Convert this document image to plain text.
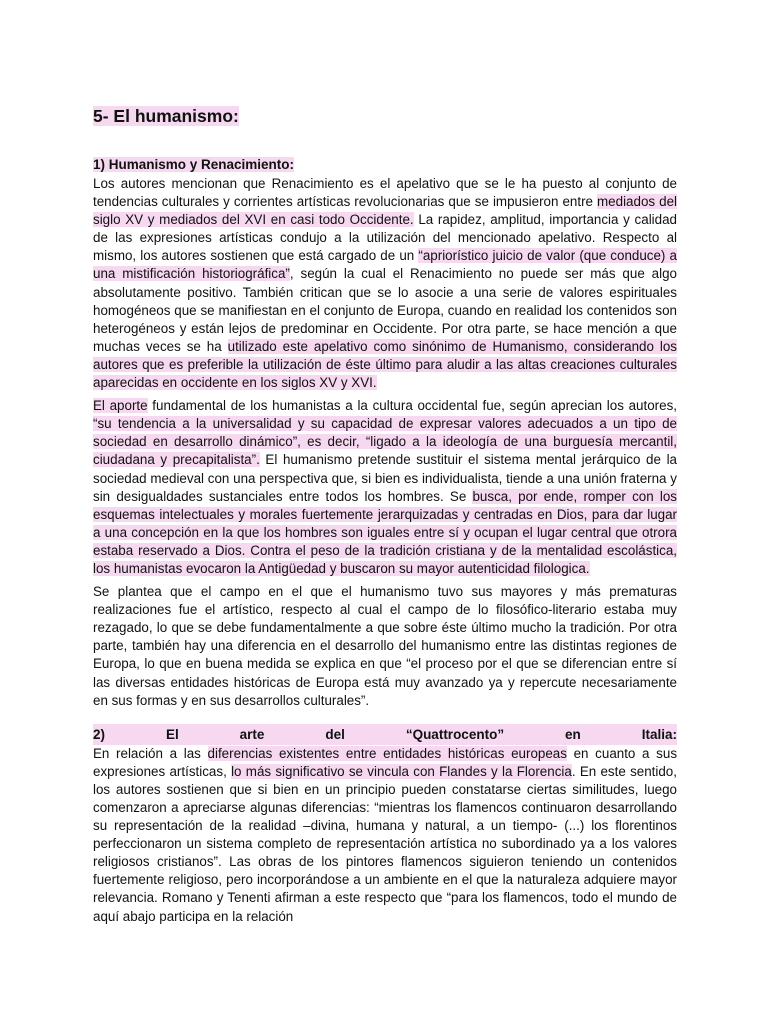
5- El humanismo:
1) Humanismo y Renacimiento:

Los autores mencionan que Renacimiento es el apelativo que se le ha puesto al conjunto de tendencias culturales y corrientes artísticas revolucionarias que se impusieron entre mediados del siglo XV y mediados del XVI en casi todo Occidente. La rapidez, amplitud, importancia y calidad de las expresiones artísticas condujo a la utilización del mencionado apelativo. Respecto al mismo, los autores sostienen que está cargado de un “apriorístico juicio de valor (que conduce) a una mistificación historiográfica”, según la cual el Renacimiento no puede ser más que algo absolutamente positivo. También critican que se lo asocie a una serie de valores espirituales homogéneos que se manifiestan en el conjunto de Europa, cuando en realidad los contenidos son heterogéneos y están lejos de predominar en Occidente. Por otra parte, se hace mención a que muchas veces se ha utilizado este apelativo como sinónimo de Humanismo, considerando los autores que es preferible la utilización de éste último para aludir a las altas creaciones culturales aparecidas en occidente en los siglos XV y XVI.

El aporte fundamental de los humanistas a la cultura occidental fue, según aprecian los autores, “su tendencia a la universalidad y su capacidad de expresar valores adecuados a un tipo de sociedad en desarrollo dinámico”, es decir, “ligado a la ideología de una burguesía mercantil, ciudadana y precapitalista”. El humanismo pretende sustituir el sistema mental jerárquico de la sociedad medieval con una perspectiva que, si bien es individualista, tiende a una unión fraterna y sin desigualdades sustanciales entre todos los hombres. Se busca, por ende, romper con los esquemas intelectuales y morales fuertemente jerarquizadas y centradas en Dios, para dar lugar a una concepción en la que los hombres son iguales entre sí y ocupan el lugar central que otrora estaba reservado a Dios. Contra el peso de la tradición cristiana y de la mentalidad escolástica, los humanistas evocaron la Antigüedad y buscaron su mayor autenticidad filologica.

Se plantea que el campo en el que el humanismo tuvo sus mayores y más prematuras realizaciones fue el artístico, respecto al cual el campo de lo filosófico-literario estaba muy rezagado, lo que se debe fundamentalmente a que sobre éste último mucho la tradición. Por otra parte, también hay una diferencia en el desarrollo del humanismo entre las distintas regiones de Europa, lo que en buena medida se explica en que “el proceso por el que se diferencian entre sí las diversas entidades históricas de Europa está muy avanzado ya y repercute necesariamente en sus formas y en sus desarrollos culturales”.

2)	El	arte	del	“Quattrocento”	en	Italia:

En relación a las diferencias existentes entre entidades históricas europeas en cuanto a sus expresiones artísticas, lo más significativo se vincula con Flandes y la Florencia. En este sentido, los autores sostienen que si bien en un principio pueden constatarse ciertas similitudes, luego comenzaron a apreciarse algunas diferencias: “mientras los flamencos continuaron desarrollando su representación de la realidad –divina, humana y natural, a un tiempo- (...) los florentinos perfeccionaron un sistema completo de representación artística no subordinado ya a los valores religiosos cristianos”. Las obras de los pintores flamencos siguieron teniendo un contenidos fuertemente religioso, pero incorporándose a un ambiente en el que la naturaleza adquiere mayor relevancia. Romano y Tenenti afirman a este respecto que “para los flamencos, todo el mundo de aquí abajo participa en la relación
